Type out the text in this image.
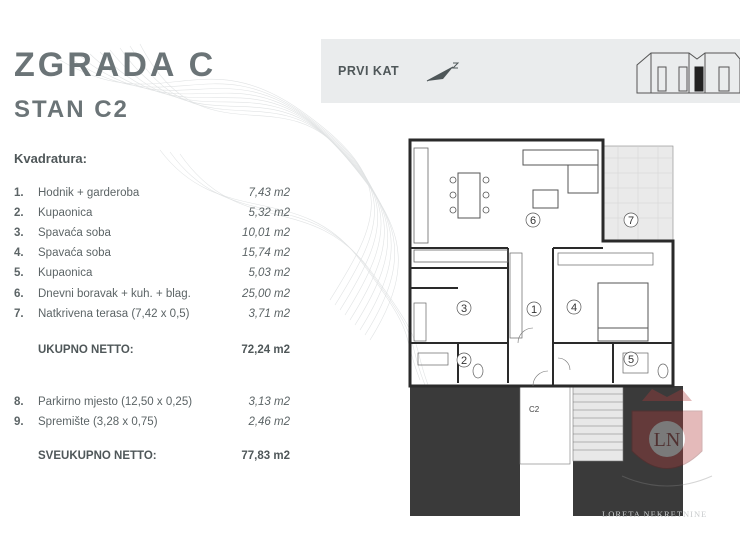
ZGRADA C
STAN C2
Kvadratura:
1. Hodnik + garderoba	7,43 m2
2. Kupaonica	5,32 m2
3. Spavaća soba	10,01 m2
4. Spavaća soba	15,74 m2
5. Kupaonica	5,03 m2
6. Dnevni boravak + kuh. + blag.	25,00 m2
7. Natkrivena terasa (7,42 x 0,5)	3,71 m2
UKUPNO NETTO:	72,24 m2
8. Parkirno mjesto (12,50 x 0,25)	3,13 m2
9. Spremište (3,28 x 0,75)	2,46 m2
SVEUKUPNO NETTO:	77,83 m2
PRVI KAT
1
2
3	4
5
6	7
C2
LN
LORETA NEKRETNINE
